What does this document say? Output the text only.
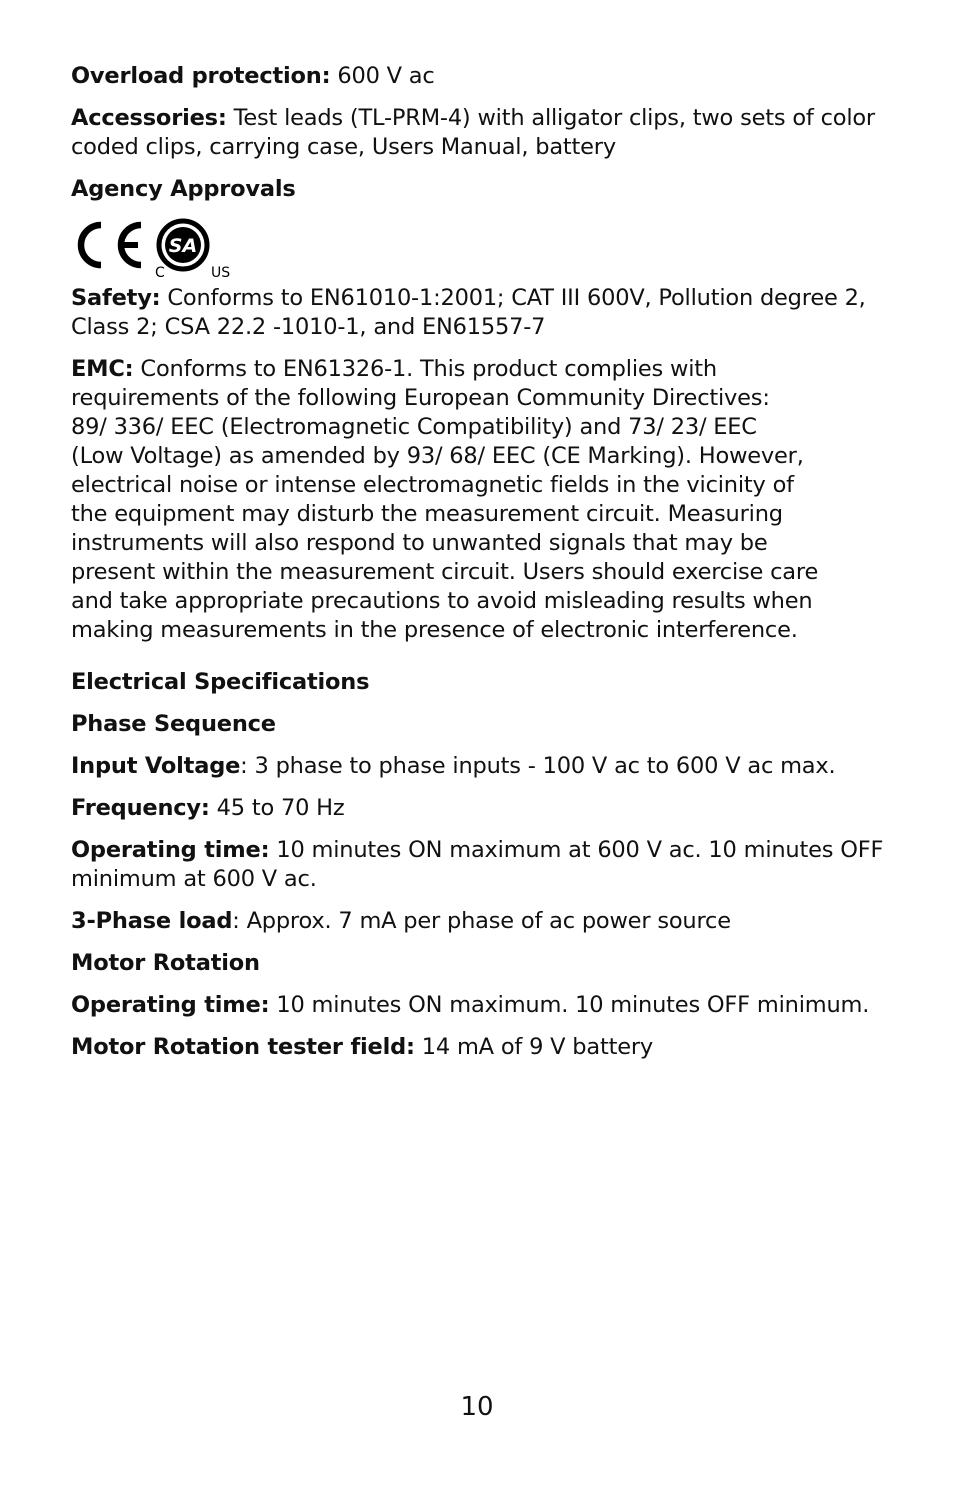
Overload protection: 600 V ac

Accessories: Test leads (TL-PRM-4) with alligator clips, two sets of color coded clips, carrying case, Users Manual, battery

Agency Approvals

SA
C	US

Safety: Conforms to EN61010-1:2001; CAT III 600V, Pollution degree 2, Class 2; CSA 22.2 -1010-1, and EN61557-7

EMC: Conforms to EN61326-1. This product complies with
requirements of the following European Community Directives:
89/ 336/ EEC (Electromagnetic Compatibility) and 73/ 23/ EEC
(Low Voltage) as amended by 93/ 68/ EEC (CE Marking). However,
electrical noise or intense electromagnetic fields in the vicinity of
the equipment may disturb the measurement circuit. Measuring
instruments will also respond to unwanted signals that may be
present within the measurement circuit. Users should exercise care
and take appropriate precautions to avoid misleading results when
making measurements in the presence of electronic interference.

Electrical Specifications

Phase Sequence

Input Voltage: 3 phase to phase inputs - 100 V ac to 600 V ac max.

Frequency: 45 to 70 Hz

Operating time: 10 minutes ON maximum at 600 V ac. 10 minutes OFF minimum at 600 V ac.

3-Phase load: Approx. 7 mA per phase of ac power source

Motor Rotation

Operating time: 10 minutes ON maximum. 10 minutes OFF minimum.

Motor Rotation tester field: 14 mA of 9 V battery

10
